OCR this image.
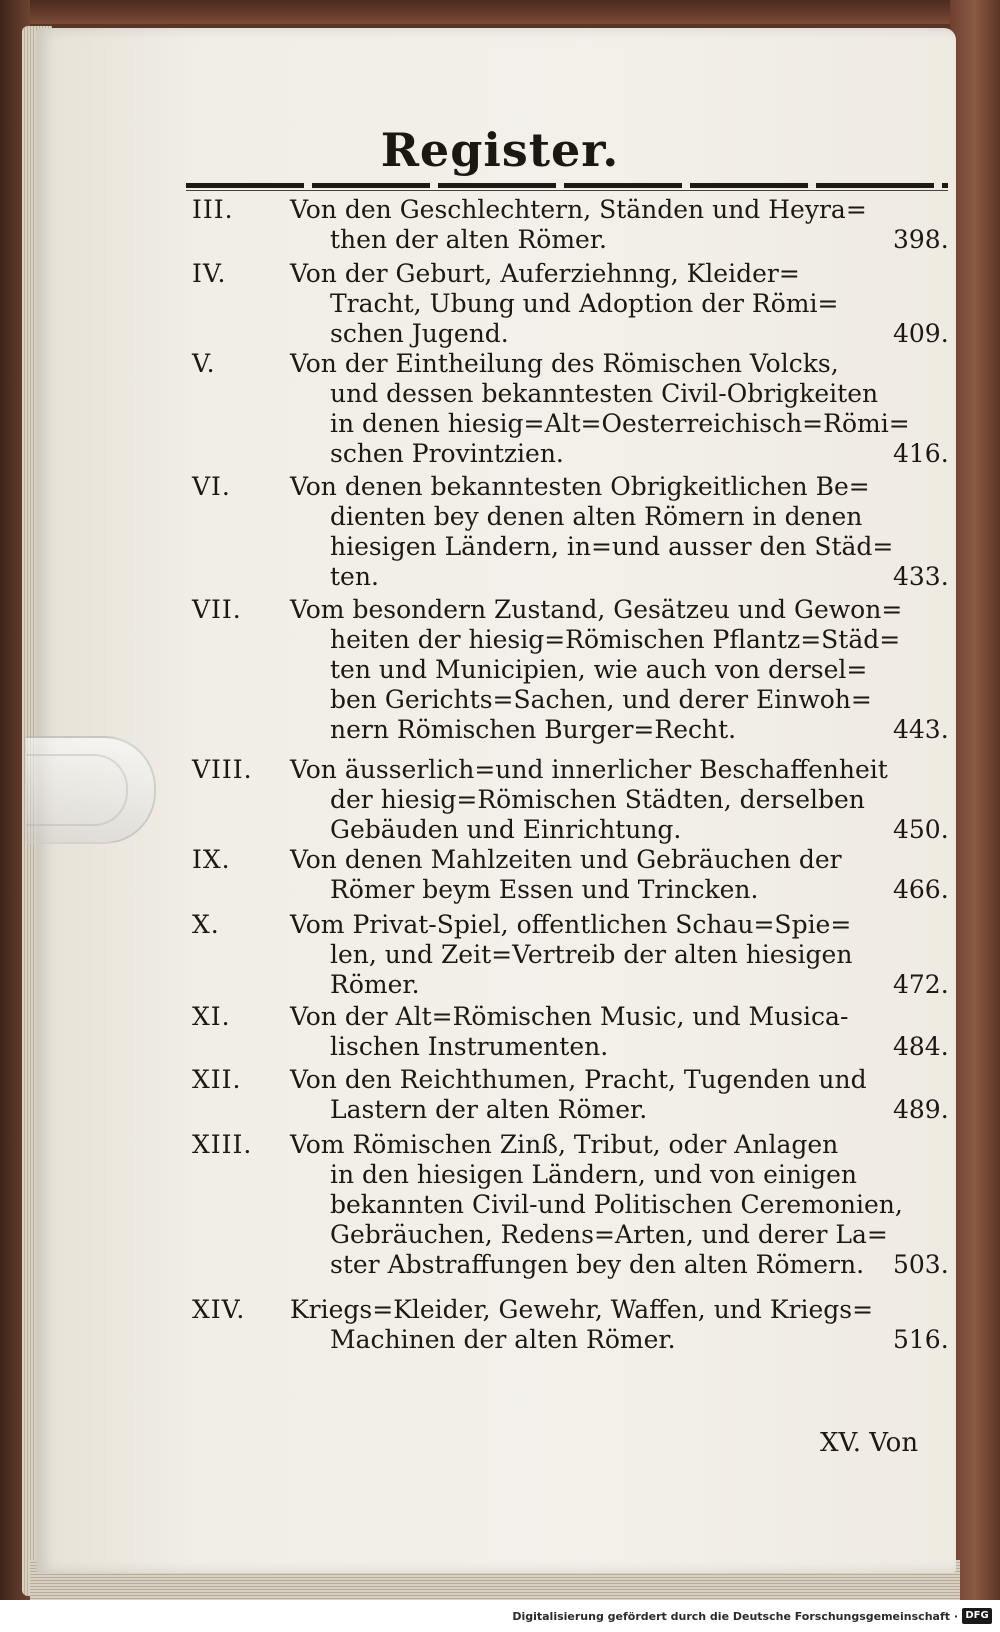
Register.
III. Von den Geschlechtern, Ständen und Heyra=
then der alten Römer.	398.
IV.	Von der Geburt, Auferziehnng, Kleider=
Tracht, Ubung und Adoption der Römi=
schen Jugend.	409.
V.	Von der Eintheilung des Römischen Volcks,
und dessen bekanntesten Civil-Obrigkeiten
in denen hiesig=Alt=Oesterreichisch=Römi=
schen Provintzien.	416.
VI. Von denen bekanntesten Obrigkeitlichen Be=
dienten bey denen alten Römern in denen
hiesigen Ländern, in=und ausser den Städ=
ten.	433.
VII. Vom besondern Zustand, Gesätzeu und Gewon=
heiten der hiesig=Römischen Pflantz=Städ=
ten und Municipien, wie auch von dersel=
ben Gerichts=Sachen, und derer Einwoh=
nern Römischen Burger=Recht.	443.
VIII. Von äusserlich=und innerlicher Beschaffenheit
der hiesig=Römischen Städten, derselben
Gebäuden und Einrichtung.	450.
IX. Von denen Mahlzeiten und Gebräuchen der
Römer beym Essen und Trincken.	466.
X.	Vom Privat-Spiel, offentlichen Schau=Spie=
len, und Zeit=Vertreib der alten hiesigen
Römer.	472.
XI. Von der Alt=Römischen Music, und Musica-
lischen Instrumenten.	484.
XII. Von den Reichthumen, Pracht, Tugenden und
Lastern der alten Römer.	489.
XIII. Vom Römischen Zinß, Tribut, oder Anlagen
in den hiesigen Ländern, und von einigen
bekannten Civil-und Politischen Ceremonien,
Gebräuchen, Redens=Arten, und derer La=
ster Abstraffungen bey den alten Römern. 503.
XIV. Kriegs=Kleider, Gewehr, Waffen, und Kriegs=
Machinen der alten Römer.	516.
XV. Von
Digitalisierung gefördert durch die Deutsche Forschungsgemeinschaft · DFG
